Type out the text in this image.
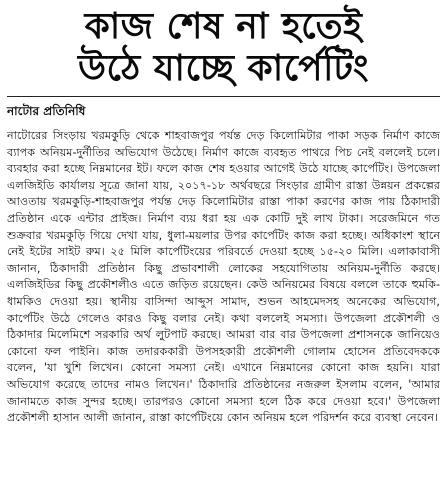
কাজ শেষ না হতেই
উঠে যাচ্ছে কার্পেটিং
নাটোর প্রতিনিধি

নাটোরের সিংড়ায় খরমকুড়ি থেকে শাহবাজপুর পর্যন্ত দেড় কিলোমিটার পাকা সড়ক নির্মাণ কাজে ব্যাপক অনিয়ম-দুর্নীতির অভিযোগ উঠেছে। নির্মাণ কাজে ব্যবহৃত পাথরে পিচ নেই বললেই চলে। ব্যবহার করা হচ্ছে নিম্নমানের ইট। ফলে কাজ শেষ হওয়ার আগেই উঠে যাচ্ছে কার্পেটিং। উপজেলা এলজিইডি কার্যালয় সূত্রে জানা যায়, ২০১৭-১৮ অর্থবছরে সিংড়ার গ্রামীণ রাস্তা উন্নয়ন প্রকল্পের আওতায় খরমকুড়ি-শাহবাজপুর পর্যন্ত দেড় কিলোমিটার রাস্তা পাকা করণের কাজ পায় ঠিকাদারী প্রতিষ্ঠান একে এন্টার প্রাইজ। নির্মাণ ব্যয় ধরা হয় এক কোটি দুই লাখ টাকা। সরেজমিনে গত শুক্রবার খরমকুড়ি গিয়ে দেখা যায়, ধুলা-ময়লার উপর কার্পেটিং কাজ করা হচ্ছে। অধিকাংশ স্থানে নেই ইটের সাইট রুম। ২৫ মিলি কার্পেটিংয়ের পরিবর্তে দেওয়া হচ্ছে ১৫-২০ মিলি। এলাকাবাসী জানান, ঠিকাদারী প্রতিষ্ঠান কিছু প্রভাবশালী লোকের সহযোগিতায় অনিয়ম-দুর্নীতি করছে। এলজিইডির কিছু প্রকৌশলীও এতে জড়িত রয়েছেন। কেউ অনিয়মের বিষয়ে বললে তাকে হুমকি-ধামকিও দেওয়া হয়। স্থানীয় বাসিন্দা আব্দুস সামাদ, শুভন আহমেদসহ অনেকের অভিযোগ, কার্পেটিং উঠে গেলেও কারও কিছু বলার নেই। কথা বললেই সমস্যা। উপজেলা প্রকৌশলী ও ঠিকাদার মিলেমিশে সরকারি অর্থ লুটপাট করছে। আমরা বার বার উপজেলা প্রশাসনকে জানিয়েও কোনো ফল পাইনি। কাজ তদারককারী উপসহকারী প্রকৌশলী গোলাম হোসেন প্রতিবেদককে বলেন, 'যা খুশি লিখেন। কোনো সমস্যা নেই। এখানে নিম্নমানের কোনো কাজ হয়নি। যারা অভিযোগ করেছে তাদের নামও লিখেন।' ঠিকাদারি প্রতিষ্ঠানের নজরুল ইসলাম বলেন, 'আমার জানামতে কাজ সুন্দর হচ্ছে। তারপরও কোনো সমস্যা হলে ঠিক করে দেওয়া হবে।' উপজেলা প্রকৌশলী হাসান আলী জানান, রাস্তা কার্পেটিংয়ে কোন অনিয়ম হলে পরিদর্শন করে ব্যবস্থা নেবেন।
